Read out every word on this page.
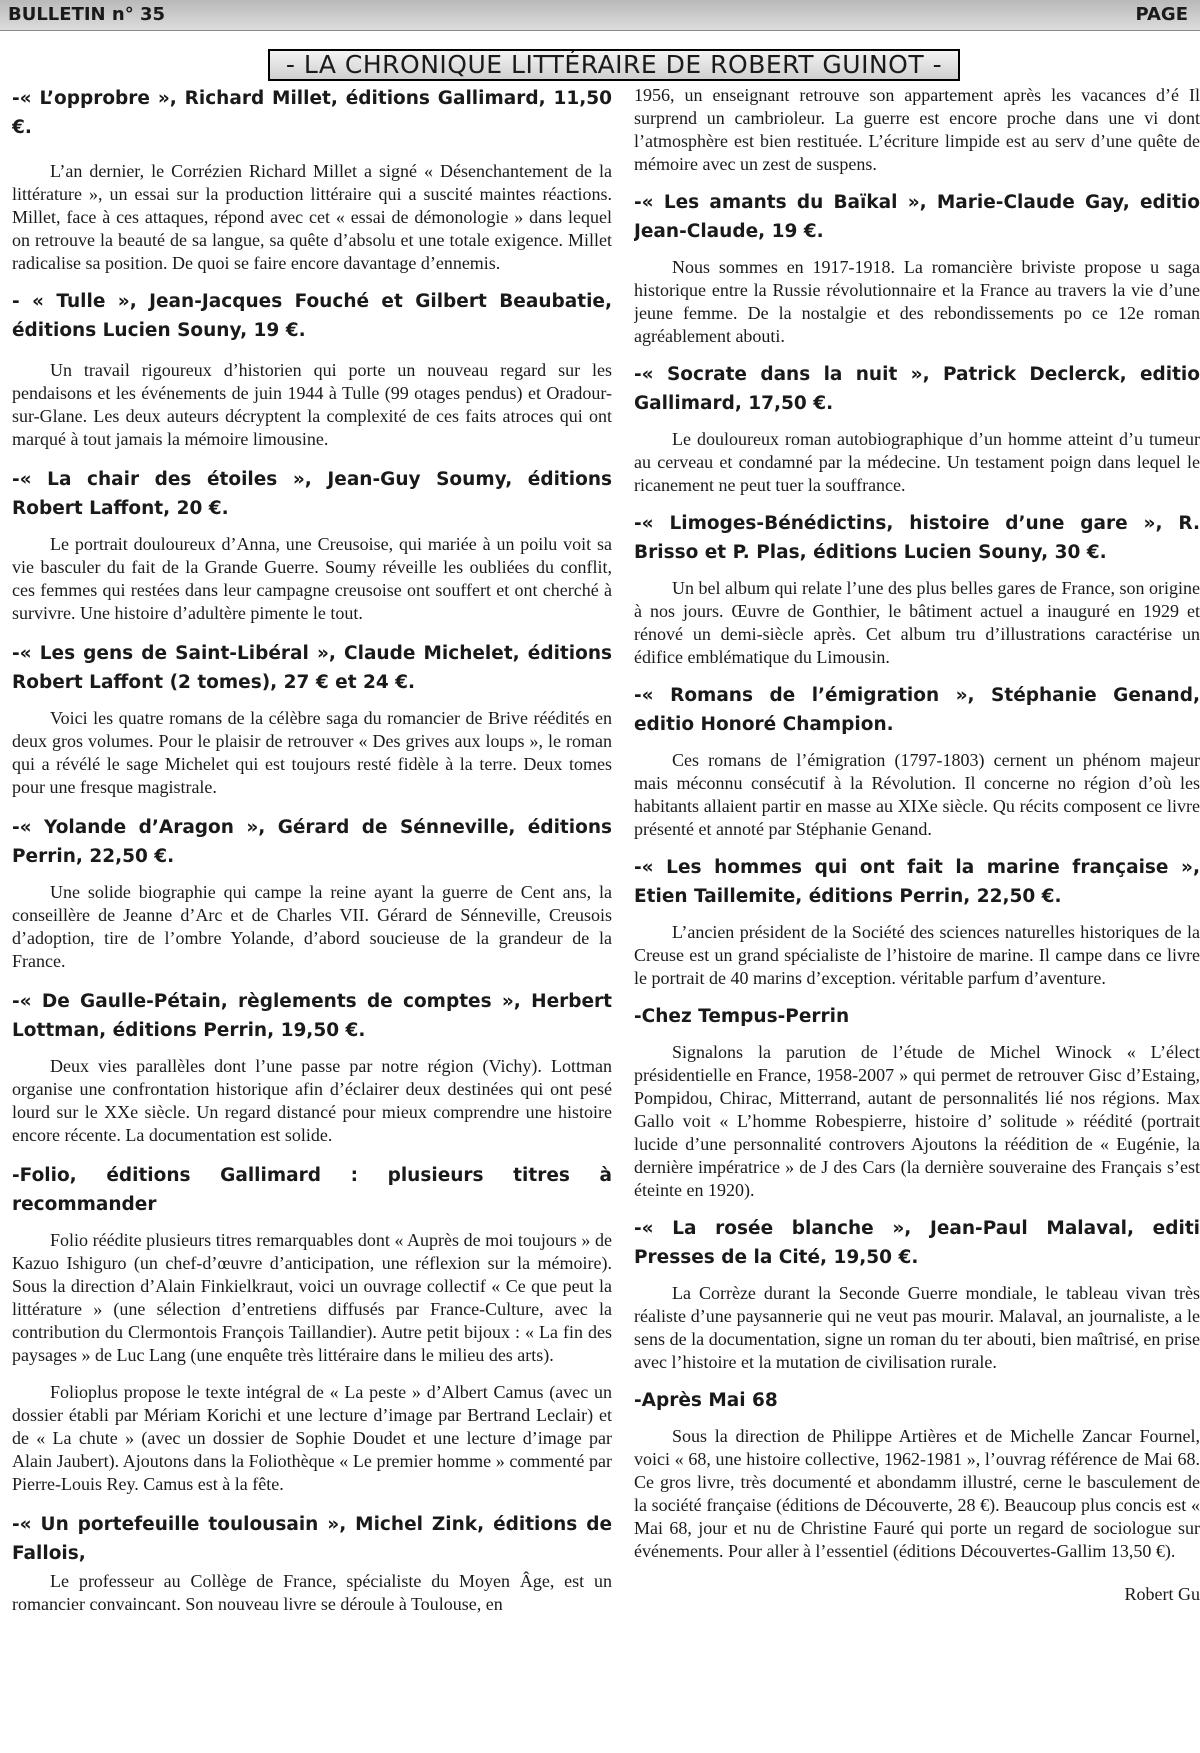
BULLETIN n° 35	PAGE
- LA CHRONIQUE LITTÉRAIRE DE ROBERT GUINOT -

-« L’opprobre », Richard Millet, éditions Gallimard, 11,50 €.

L’an dernier, le Corrézien Richard Millet a signé « Désenchantement de la littérature », un essai sur la production littéraire qui a suscité maintes réactions. Millet, face à ces attaques, répond avec cet « essai de démonologie » dans lequel on retrouve la beauté de sa langue, sa quête d’absolu et une totale exigence. Millet radicalise sa position. De quoi se faire encore davantage d’ennemis.

- « Tulle », Jean-Jacques Fouché et Gilbert Beaubatie, éditions Lucien Souny, 19 €.

Un travail rigoureux d’historien qui porte un nouveau regard sur les pendaisons et les événements de juin 1944 à Tulle (99 otages pendus) et Oradour-sur-Glane. Les deux auteurs décryptent la complexité de ces faits atroces qui ont marqué à tout jamais la mémoire limousine.

-« La chair des étoiles », Jean-Guy Soumy, éditions Robert Laffont, 20 €.

Le portrait douloureux d’Anna, une Creusoise, qui mariée à un poilu voit sa vie basculer du fait de la Grande Guerre. Soumy réveille les oubliées du conflit, ces femmes qui restées dans leur campagne creusoise ont souffert et ont cherché à survivre. Une histoire d’adultère pimente le tout.

-« Les gens de Saint-Libéral », Claude Michelet, éditions Robert Laffont (2 tomes), 27 € et 24 €.

Voici les quatre romans de la célèbre saga du romancier de Brive réédités en deux gros volumes. Pour le plaisir de retrouver « Des grives aux loups », le roman qui a révélé le sage Michelet qui est toujours resté fidèle à la terre. Deux tomes pour une fresque magistrale.

-« Yolande d’Aragon », Gérard de Sénneville, éditions Perrin, 22,50 €.

Une solide biographie qui campe la reine ayant la guerre de Cent ans, la conseillère de Jeanne d’Arc et de Charles VII. Gérard de Sénneville, Creusois d’adoption, tire de l’ombre Yolande, d’abord soucieuse de la grandeur de la France.

-« De Gaulle-Pétain, règlements de comptes », Herbert Lottman, éditions Perrin, 19,50 €.

Deux vies parallèles dont l’une passe par notre région (Vichy). Lottman organise une confrontation historique afin d’éclairer deux destinées qui ont pesé lourd sur le XXe siècle. Un regard distancé pour mieux comprendre une histoire encore récente. La documentation est solide.

-Folio, éditions Gallimard : plusieurs titres à recommander

Folio réédite plusieurs titres remarquables dont « Auprès de moi toujours » de Kazuo Ishiguro (un chef-d’œuvre d’anticipation, une réflexion sur la mémoire). Sous la direction d’Alain Finkielkraut, voici un ouvrage collectif « Ce que peut la littérature » (une sélection d’entretiens diffusés par France-Culture, avec la contribution du Clermontois François Taillandier). Autre petit bijoux : « La fin des paysages » de Luc Lang (une enquête très littéraire dans le milieu des arts).

Folioplus propose le texte intégral de « La peste » d’Albert Camus (avec un dossier établi par Mériam Korichi et une lecture d’image par Bertrand Leclair) et de « La chute » (avec un dossier de Sophie Doudet et une lecture d’image par Alain Jaubert). Ajoutons dans la Foliothèque « Le premier homme » commenté par Pierre-Louis Rey. Camus est à la fête.

-« Un portefeuille toulousain », Michel Zink, éditions de Fallois,

Le professeur au Collège de France, spécialiste du Moyen Âge, est un romancier convaincant. Son nouveau livre se déroule à Toulouse, en

1956, un enseignant retrouve son appartement après les vacances d’é Il surprend un cambrioleur. La guerre est encore proche dans une vi dont l’atmosphère est bien restituée. L’écriture limpide est au serv d’une quête de mémoire avec un zest de suspens.

-« Les amants du Baïkal », Marie-Claude Gay, editio Jean-Claude, 19 €.

Nous sommes en 1917-1918. La romancière briviste propose u saga historique entre la Russie révolutionnaire et la France au travers la vie d’une jeune femme. De la nostalgie et des rebondissements po ce 12e roman agréablement abouti.

-« Socrate dans la nuit », Patrick Declerck, editio Gallimard, 17,50 €.

Le douloureux roman autobiographique d’un homme atteint d’u tumeur au cerveau et condamné par la médecine. Un testament poign dans lequel le ricanement ne peut tuer la souffrance.

-« Limoges-Bénédictins, histoire d’une gare », R. Brisso et P. Plas, éditions Lucien Souny, 30 €.

Un bel album qui relate l’une des plus belles gares de France, son origine à nos jours. Œuvre de Gonthier, le bâtiment actuel a inauguré en 1929 et rénové un demi-siècle après. Cet album tru d’illustrations caractérise un édifice emblématique du Limousin.

-« Romans de l’émigration », Stéphanie Genand, editio Honoré Champion.

Ces romans de l’émigration (1797-1803) cernent un phénom majeur mais méconnu consécutif à la Révolution. Il concerne no région d’où les habitants allaient partir en masse au XIXe siècle. Qu récits composent ce livre présenté et annoté par Stéphanie Genand.

-« Les hommes qui ont fait la marine française », Etien Taillemite, éditions Perrin, 22,50 €.

L’ancien président de la Société des sciences naturelles historiques de la Creuse est un grand spécialiste de l’histoire de marine. Il campe dans ce livre le portrait de 40 marins d’exception. véritable parfum d’aventure.

-Chez Tempus-Perrin

Signalons la parution de l’étude de Michel Winock « L’élect présidentielle en France, 1958-2007 » qui permet de retrouver Gisc d’Estaing, Pompidou, Chirac, Mitterrand, autant de personnalités lié nos régions. Max Gallo voit « L’homme Robespierre, histoire d’ solitude » réédité (portrait lucide d’une personnalité controvers Ajoutons la réédition de « Eugénie, la dernière impératrice » de J des Cars (la dernière souveraine des Français s’est éteinte en 1920).

-« La rosée blanche », Jean-Paul Malaval, editi Presses de la Cité, 19,50 €.

La Corrèze durant la Seconde Guerre mondiale, le tableau vivan très réaliste d’une paysannerie qui ne veut pas mourir. Malaval, an journaliste, a le sens de la documentation, signe un roman du ter abouti, bien maîtrisé, en prise avec l’histoire et la mutation de civilisation rurale.

-Après Mai 68

Sous la direction de Philippe Artières et de Michelle Zancar Fournel, voici « 68, une histoire collective, 1962-1981 », l’ouvrag référence de Mai 68. Ce gros livre, très documenté et abondamm illustré, cerne le basculement de la société française (éditions de Découverte, 28 €). Beaucoup plus concis est « Mai 68, jour et nu de Christine Fauré qui porte un regard de sociologue sur événements. Pour aller à l’essentiel (éditions Découvertes-Gallim 13,50 €).

Robert Gu
